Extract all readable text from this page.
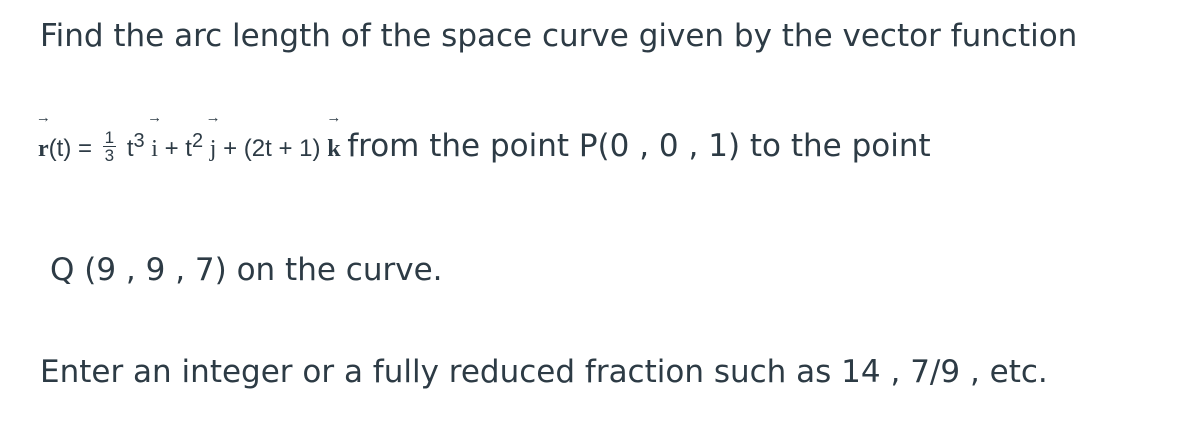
Find the arc length of the space curve given by the vector function
→
$r(t) = \frac{1}{3} t^3$
→
$i + t^2$
→
j + (2t + 1)
→
k from the point P(0 , 0 , 1) to the point
Q (9 , 9 , 7) on the curve.
Enter an integer or a fully reduced fraction such as 14 , 7/9 , etc.
